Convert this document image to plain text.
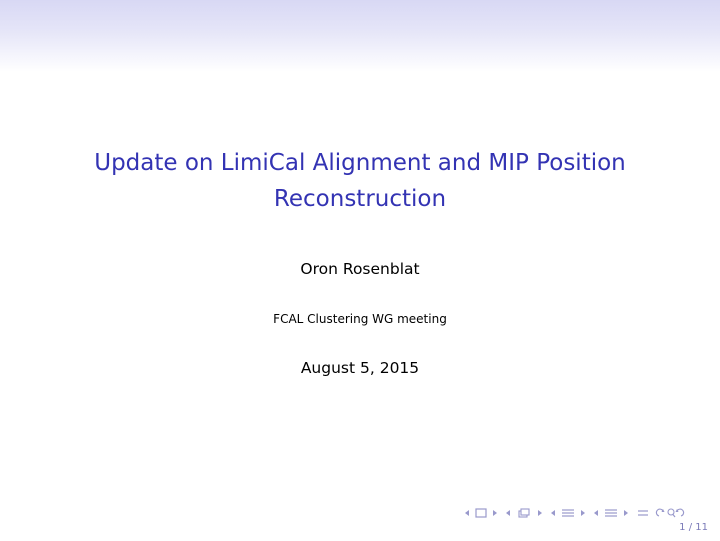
Update on LimiCal Alignment and MIP Position
Reconstruction
Oron Rosenblat
FCAL Clustering WG meeting
August 5, 2015
1 / 11
